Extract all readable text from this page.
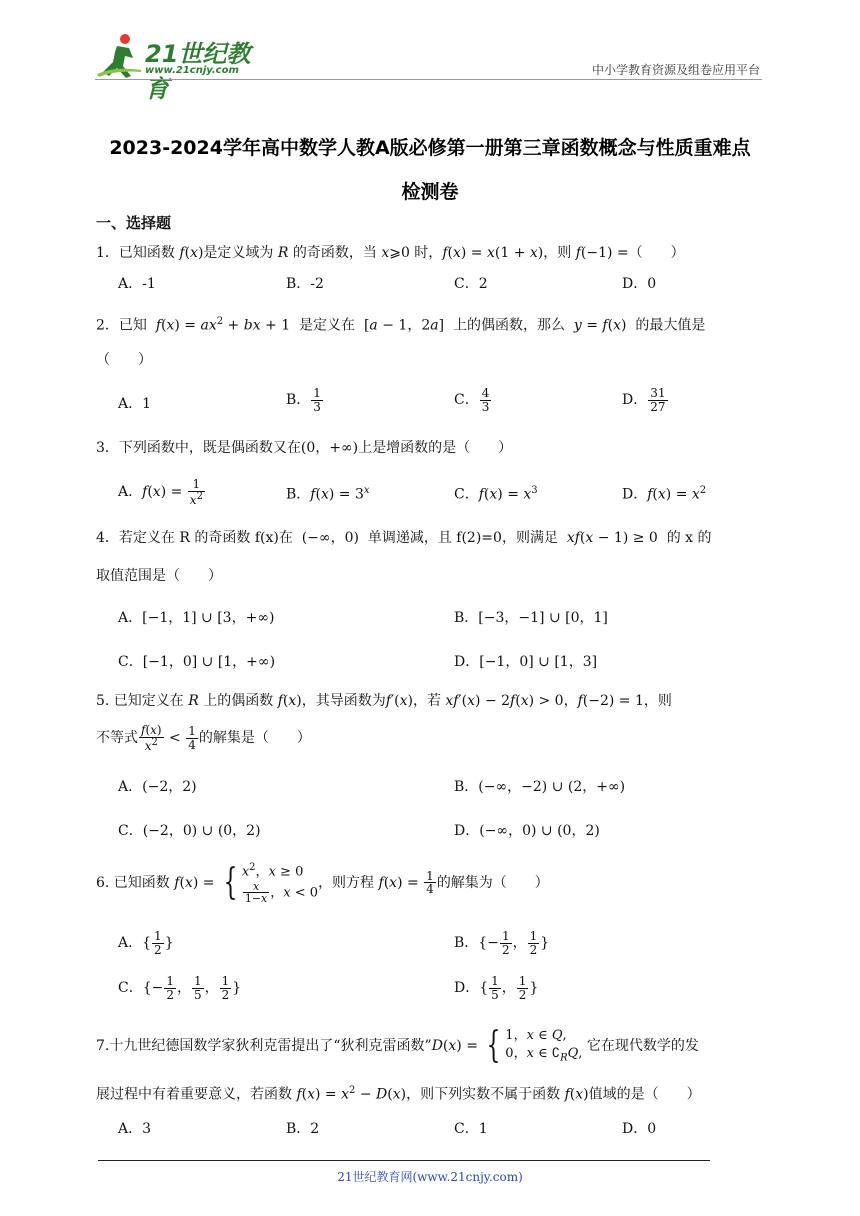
21世纪教育
www.21cnjy.com	中小学教育资源及组卷应用平台
2023-2024学年高中数学人教A版必修第一册第三章函数概念与性质重难点
检测卷
一、选择题
1．已知函数 f(x)是定义域为 R 的奇函数，当 x⩾0 时，f(x) = x(1 + x)，则 f(−1) =（　　）
A．-1	B．-2	C．2	D．0
2．已知  $f(x) = ax^2$ + bx + 1  是定义在  [a − 1，2a]  上的偶函数，那么  y = f(x)  的最大值是
（　　）
A．1	B． $\frac{1}{3}$	C． $\frac{4}{3}$	D． $\frac{31}{27}$
3．下列函数中，既是偶函数又在(0，+∞)上是增函数的是（　　）
A．$f(x) = \frac{1}{x^2}$	B．$f(x) = 3^x$	C．$f(x) = x^3$	D．$f(x) = x^2$
4．若定义在 R 的奇函数 f(x)在  (−∞，0)  单调递减，且 f(2)=0，则满足  xf(x − 1) ≥ 0  的 x 的
取值范围是（　　）
A．[−1，1] ∪ [3，+∞)	B．[−3，−1] ∪ [0，1]
C．[−1，0] ∪ [1，+∞)	D．[−1，0] ∪ [1，3]
5. 已知定义在 R 上的偶函数 f(x)，其导函数为f′(x)，若 xf′(x) − 2f(x) > 0，f(−2) = 1，则
不等式 $\frac{f(x)}{x^2} < \frac{1}{4}$ 的解集是（　　）
A．(−2，2)	B．(−∞，−2) ∪ (2，+∞)
C．(−2，0) ∪ (0，2)	D．(−∞，0) ∪ (0，2)
6. 已知函数 f(x) = { $x^2$，x ≥ 0
$\frac{x}{1-x}$ ，x < 0
，则方程 $f(x) = \frac{1}{4}$ 的解集为（　　）
A．{ $\frac{1}{2}$ }	B．{− $\frac{1}{2}$ ， $\frac{1}{2}$ }
C．{− $\frac{1}{2}$ ， $\frac{1}{5}$ ， $\frac{1}{2}$ }	D．{ $\frac{1}{5}$ ， $\frac{1}{2}$ }
7.十九世纪德国数学家狄利克雷提出了“狄利克雷函数”D(x) = { 1，x ∈ Q,
0，x ∈ $∁_RQ$, 它在现代数学的发
展过程中有着重要意义，若函数 $f(x) = x^2 - D(x)$，则下列实数不属于函数 f(x)值域的是（　　）
A．3	B．2	C．1	D．0
21世纪教育网(www.21cnjy.com)
